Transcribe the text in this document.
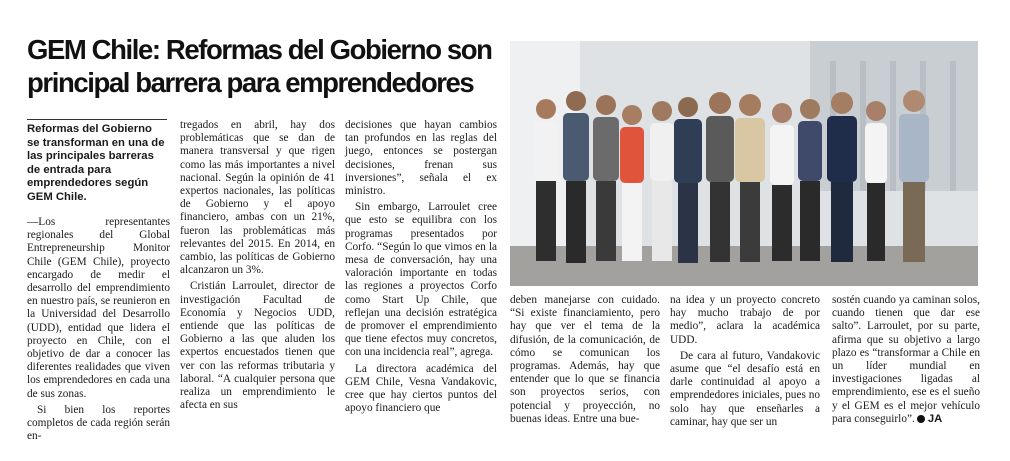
GEM Chile: Reformas del Gobierno son principal barrera para emprendedores
Reformas del Gobierno se transforman en una de las principales barreras de entrada para emprendedores según GEM Chile.

—Los representantes regionales del Global Entrepreneurship Monitor Chile (GEM Chile), proyecto encargado de medir el desarrollo del emprendimiento en nuestro país, se reunieron en la Universidad del Desarrollo (UDD), entidad que lidera el proyecto en Chile, con el objetivo de dar a conocer las diferentes realidades que viven los emprendedores en cada una de sus zonas.

Si bien los reportes completos de cada región serán en-

tregados en abril, hay dos problemáticas que se dan de manera transversal y que rigen como las más importantes a nivel nacional. Según la opinión de 41 expertos nacionales, las políticas de Gobierno y el apoyo financiero, ambas con un 21%, fueron las problemáticas más relevantes del 2015. En 2014, en cambio, las políticas de Gobierno alcanzaron un 3%.

Cristián Larroulet, director de investigación Facultad de Economía y Negocios UDD, entiende que las políticas de Gobierno a las que aluden los expertos encuestados tienen que ver con las reformas tributaria y laboral. “A cualquier persona que realiza un emprendimiento le afecta en sus

decisiones que hayan cambios tan profundos en las reglas del juego, entonces se postergan decisiones, frenan sus inversiones”, señala el ex ministro.

Sin embargo, Larroulet cree que esto se equilibra con los programas presentados por Corfo. “Según lo que vimos en la mesa de conversación, hay una valoración importante en todas las regiones a proyectos Corfo como Start Up Chile, que reflejan una decisión estratégica de promover el emprendimiento que tiene efectos muy concretos, con una incidencia real”, agrega.

La directora académica del GEM Chile, Vesna Vandakovic, cree que hay ciertos puntos del apoyo financiero que

deben manejarse con cuidado. “Si existe financiamiento, pero hay que ver el tema de la difusión, de la comunicación, de cómo se comunican los programas. Además, hay que entender que lo que se financia son proyectos serios, con potencial y proyección, no buenas ideas. Entre una bue-

na idea y un proyecto concreto hay mucho trabajo de por medio”, aclara la académica UDD.

De cara al futuro, Vandakovic asume que “el desafío está en darle continuidad al apoyo a emprendedores iniciales, pues no solo hay que enseñarles a caminar, hay que ser un

sostén cuando ya caminan solos, cuando tienen que dar ese salto”. Larroulet, por su parte, afirma que su objetivo a largo plazo es “transformar a Chile en un líder mundial en investigaciones ligadas al emprendimiento, ese es el sueño y el GEM es el mejor vehículo para conseguirlo”. JA
